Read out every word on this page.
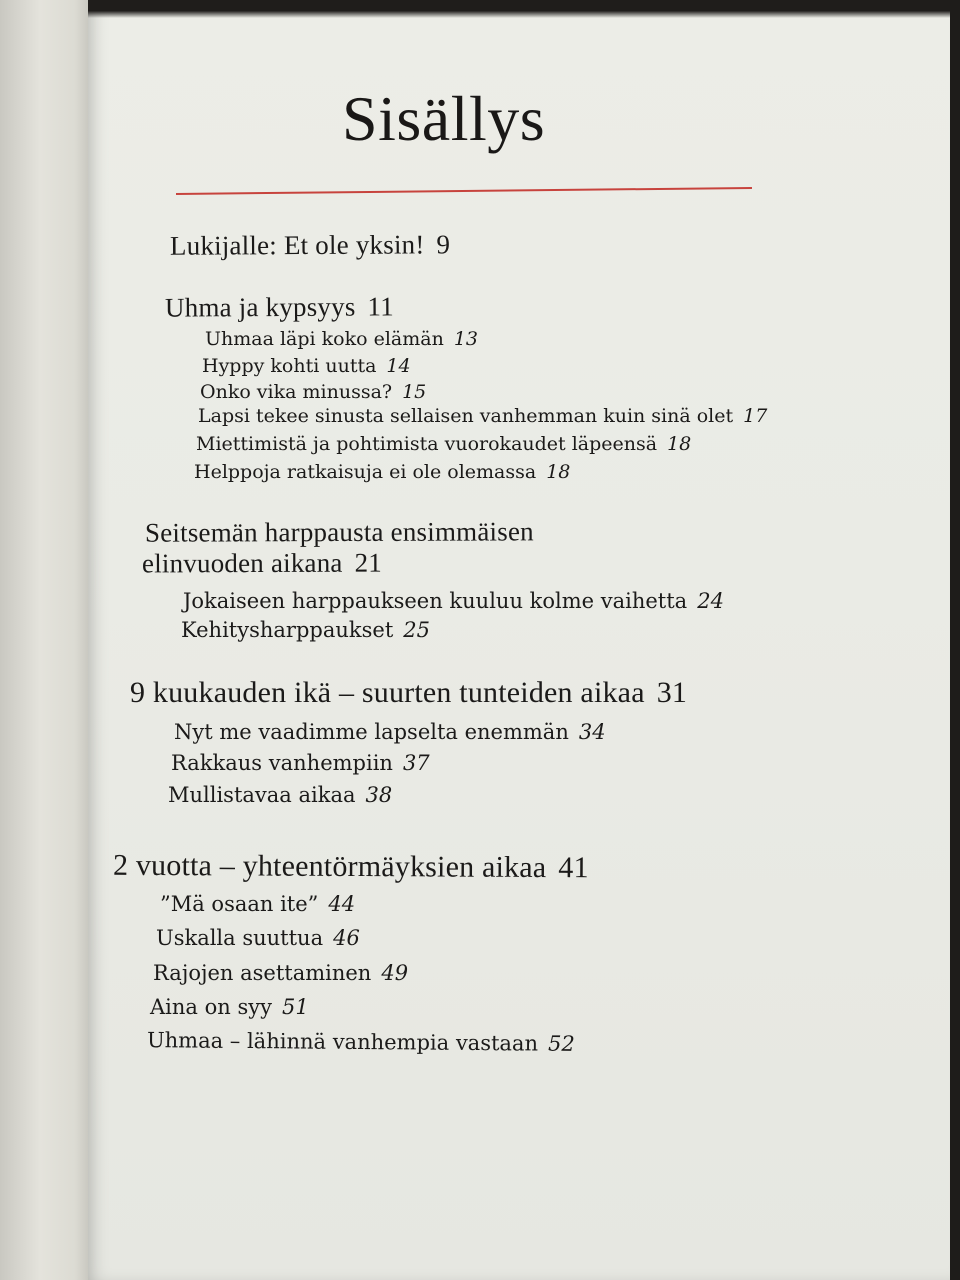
Sisällys
Lukijalle: Et ole yksin! 9
Uhma ja kypsyys 11
Uhmaa läpi koko elämän 13
Hyppy kohti uutta 14
Onko vika minussa? 15
Lapsi tekee sinusta sellaisen vanhemman kuin sinä olet 17
Miettimistä ja pohtimista vuorokaudet läpeensä 18
Helppoja ratkaisuja ei ole olemassa 18
Seitsemän harppausta ensimmäisen
elinvuoden aikana 21
Jokaiseen harppaukseen kuuluu kolme vaihetta 24
Kehitysharppaukset 25
9 kuukauden ikä – suurten tunteiden aikaa 31
Nyt me vaadimme lapselta enemmän 34
Rakkaus vanhempiin 37
Mullistavaa aikaa 38
2 vuotta – yhteentörmäyksien aikaa 41
”Mä osaan ite” 44
Uskalla suuttua 46
Rajojen asettaminen 49
Aina on syy 51
Uhmaa – lähinnä vanhempia vastaan 52
